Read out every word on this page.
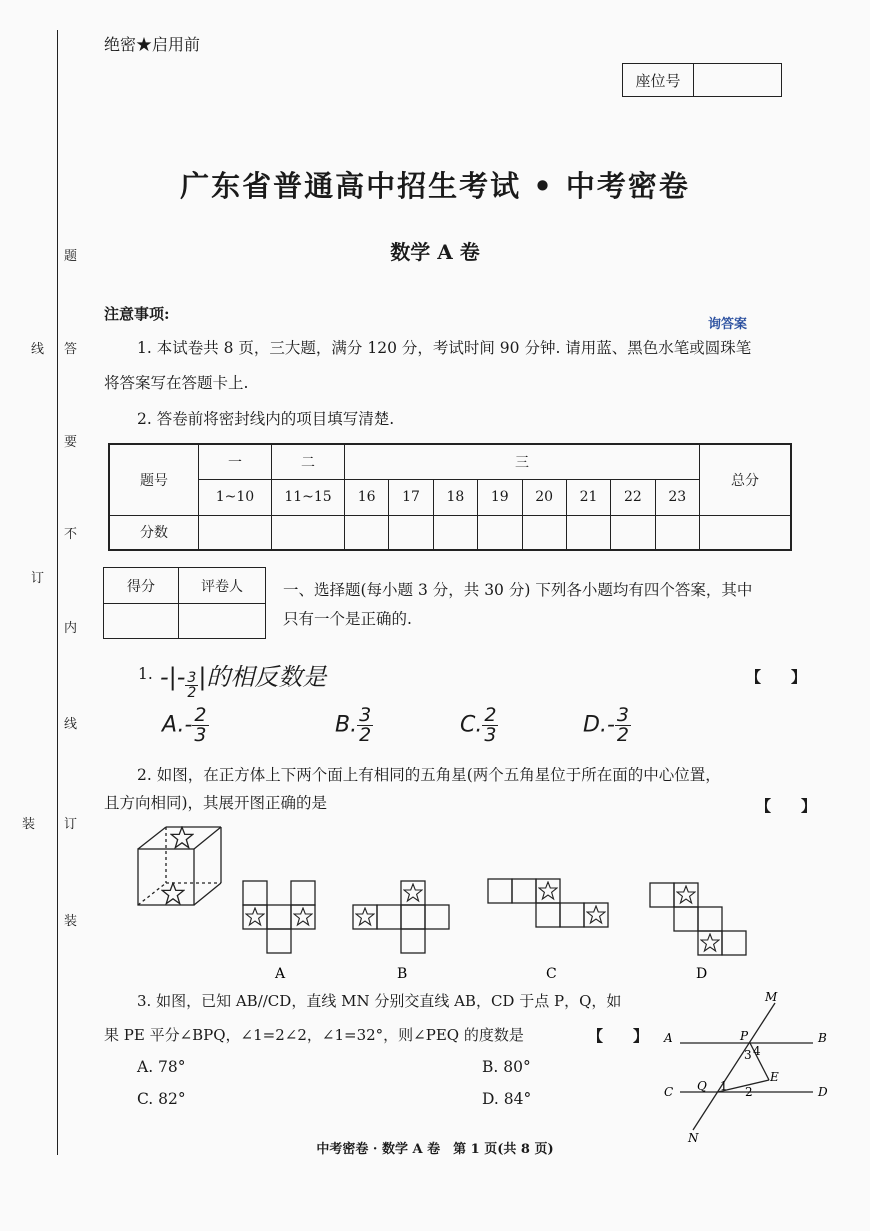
题
答
要
不
内
线
订
装
线
订
装
绝密★启用前
座位号
广东省普通高中招生考试 • 中考密卷
数学 A 卷
询答案
注意事项:
1. 本试卷共 8 页，三大题，满分 120 分，考试时间 90 分钟. 请用蓝、黑色水笔或圆珠笔
将答案写在答题卡上.
2. 答卷前将密封线内的项目填写清楚.
题号	一	二	三								总分
	1~10	11~15	16	17	18	19	20	21	22	23	
分数											
得分	评卷人
		一、选择题(每小题 3 分，共 30 分) 下列各小题均有四个答案，其中
只有一个是正确的.
1. -|- $\frac{3}{2}$ |的相反数是	【　　】
$A.- \frac{2}{3}$	B. $\frac{3}{2}$	C. $\frac{2}{3}$	$D.- \frac{3}{2}$
2. 如图，在正方体上下两个面上有相同的五角星(两个五角星位于所在面的中心位置，
且方向相同)，其展开图正确的是	【　　】
A	B	C	D
M
A	P	B
3 4
E
C Q 1 2	D
N
3. 如图，已知 AB//CD，直线 MN 分别交直线 AB，CD 于点 P，Q，如
果 PE 平分∠BPQ，∠1=2∠2，∠1=32°，则∠PEQ 的度数是	【　　】
A. 78°	B. 80°
C. 82°	D. 84°
中考密卷 · 数学 A 卷　第 1 页(共 8 页)
